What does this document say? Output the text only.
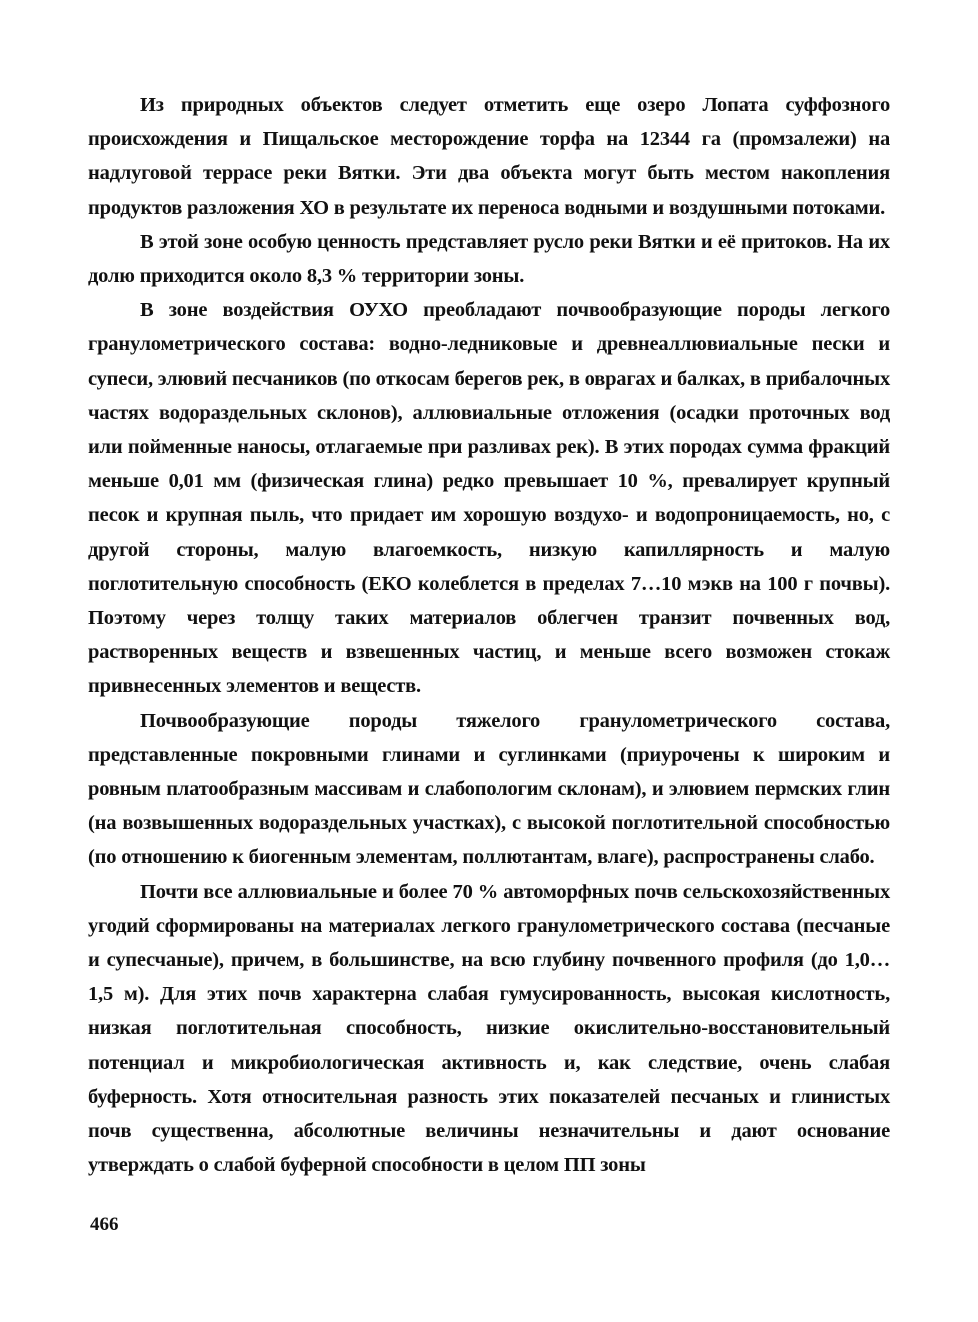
Из природных объектов следует отметить еще озеро Лопата суффозного происхождения и Пищальское месторождение торфа на 12344 га (промзалежи) на надлуговой террасе реки Вятки. Эти два объекта могут быть местом накопления продуктов разложения ХО в результате их переноса водными и воздушными потоками.

В этой зоне особую ценность представляет русло реки Вятки и её притоков. На их долю приходится около 8,3 % территории зоны.

В зоне воздействия ОУХО преобладают почвообразующие породы легкого гранулометрического состава: водно-ледниковые и древнеаллювиальные пески и супеси, элювий песчаников (по откосам берегов рек, в оврагах и балках, в прибалочных частях водораздельных склонов), аллювиальные отложения (осадки проточных вод или пойменные наносы, отлагаемые при разливах рек). В этих породах сумма фракций меньше 0,01 мм (физическая глина) редко превышает 10 %, превалирует крупный песок и крупная пыль, что придает им хорошую воздухо- и водопроницаемость, но, с другой стороны, малую влагоемкость, низкую капиллярность и малую поглотительную способность (ЕКО колеблется в пределах 7…10 мэкв на 100 г почвы). Поэтому через толщу таких материалов облегчен транзит почвенных вод, растворенных веществ и взвешенных частиц, и меньше всего возможен стокаж привнесенных элементов и веществ.

Почвообразующие породы тяжелого гранулометрического состава, представленные покровными глинами и суглинками (приурочены к широким и ровным платообразным массивам и слабопологим склонам), и элювием пермских глин (на возвышенных водораздельных участках), с высокой поглотительной способностью (по отношению к биогенным элементам, поллютантам, влаге), распространены слабо.

Почти все аллювиальные и более 70 % автоморфных почв сельскохозяйственных угодий сформированы на материалах легкого гранулометрического состава (песчаные и супесчаные), причем, в большинстве, на всю глубину почвенного профиля (до 1,0…1,5 м). Для этих почв характерна слабая гумусированность, высокая кислотность, низкая поглотительная способность, низкие окислительно-восстановительный потенциал и микробиологическая активность и, как следствие, очень слабая буферность. Хотя относительная разность этих показателей песчаных и глинистых почв существенна, абсолютные величины незначительны и дают основание утверждать о слабой буферной способности в целом ПП зоны

466
